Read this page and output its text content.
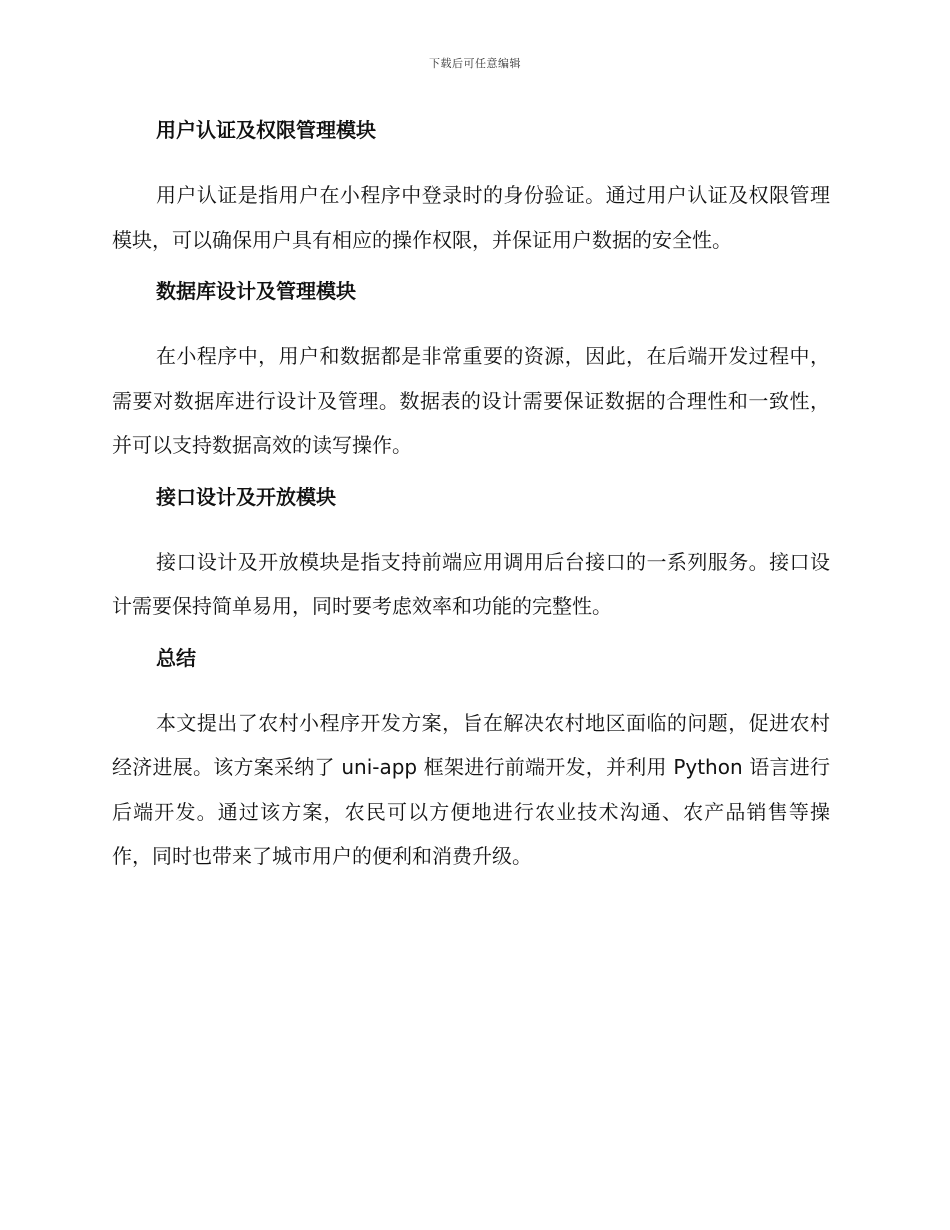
下载后可任意编辑
用户认证及权限管理模块

用户认证是指用户在小程序中登录时的身份验证。通过用户认证及权限管理模块，可以确保用户具有相应的操作权限，并保证用户数据的安全性。

数据库设计及管理模块

在小程序中，用户和数据都是非常重要的资源，因此，在后端开发过程中，需要对数据库进行设计及管理。数据表的设计需要保证数据的合理性和一致性，并可以支持数据高效的读写操作。

接口设计及开放模块

接口设计及开放模块是指支持前端应用调用后台接口的一系列服务。接口设计需要保持简单易用，同时要考虑效率和功能的完整性。

总结

本文提出了农村小程序开发方案，旨在解决农村地区面临的问题，促进农村经济进展。该方案采纳了 uni-app 框架进行前端开发，并利用 Python 语言进行后端开发。通过该方案，农民可以方便地进行农业技术沟通、农产品销售等操作，同时也带来了城市用户的便利和消费升级。
